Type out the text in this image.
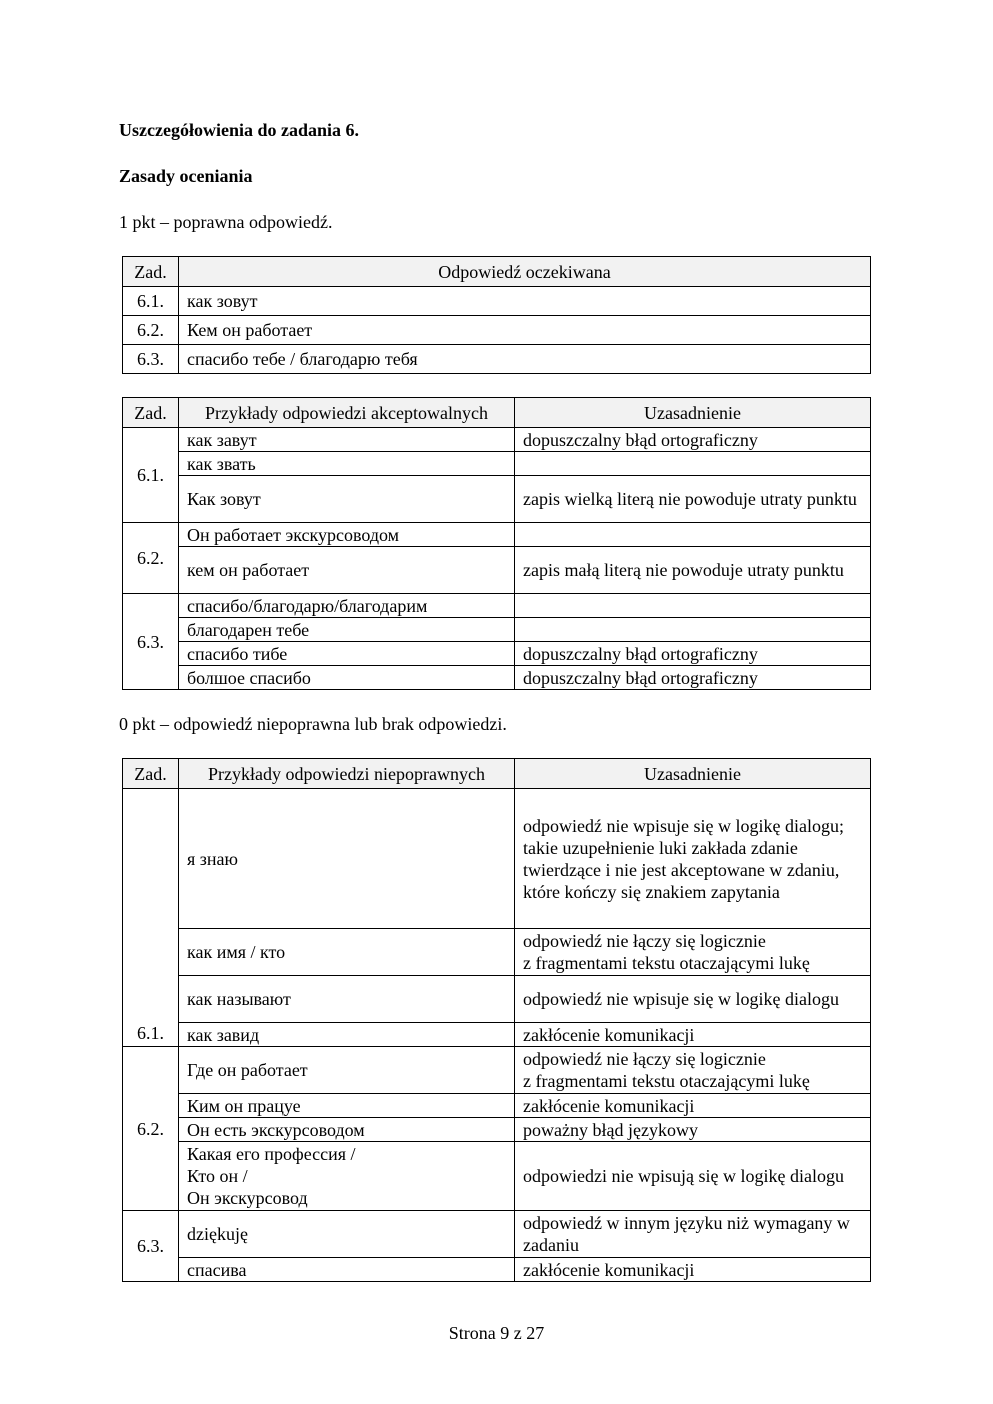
Uszczegółowienia do zadania 6.
Zasady oceniania
1 pkt – poprawna odpowiedź.
Zad.	Odpowiedź oczekiwana
6.1.	как зовут
6.2.	Кем он работает
6.3.	спасибо тебе / благодарю тебя
Zad.	Przykłady odpowiedzi akceptowalnych	Uzasadnienie
6.1.	как завут	dopuszczalny błąd ortograficzny
	как звать	
	Как зовут	zapis wielką literą nie powoduje utraty punktu
6.2.	Он работает экскурсоводом	
	кем он работает	zapis małą literą nie powoduje utraty punktu
6.3.	спасибо/благодарю/благодарим	
	благодарен тебе	
	спасибо тибе	dopuszczalny błąd ortograficzny
	болшое спасибо	dopuszczalny błąd ortograficzny
0 pkt – odpowiedź niepoprawna lub brak odpowiedzi.
Zad.	Przykłady odpowiedzi niepoprawnych	Uzasadnienie
6.1.	я знаю	odpowiedź nie wpisuje się w logikę dialogu;
takie uzupełnienie luki zakłada zdanie twierdzące i nie jest akceptowane w zdaniu, które kończy się znakiem zapytania
	как имя / кто	odpowiedź nie łączy się logicznie
z fragmentami tekstu otaczającymi lukę
	как называют	odpowiedź nie wpisuje się w logikę dialogu
	как завид	zakłócenie komunikacji
6.2.	Где он работает	odpowiedź nie łączy się logicznie
z fragmentami tekstu otaczającymi lukę
	Ким он працуе	zakłócenie komunikacji
	Он есть экскурсоводом	poważny błąd językowy
	Какая его профессия /
Кто он /
Он экскурсовод	odpowiedzi nie wpisują się w logikę dialogu
6.3.	dziękuję	odpowiedź w innym języku niż wymagany w zadaniu
	спасива	zakłócenie komunikacji
Strona 9 z 27
